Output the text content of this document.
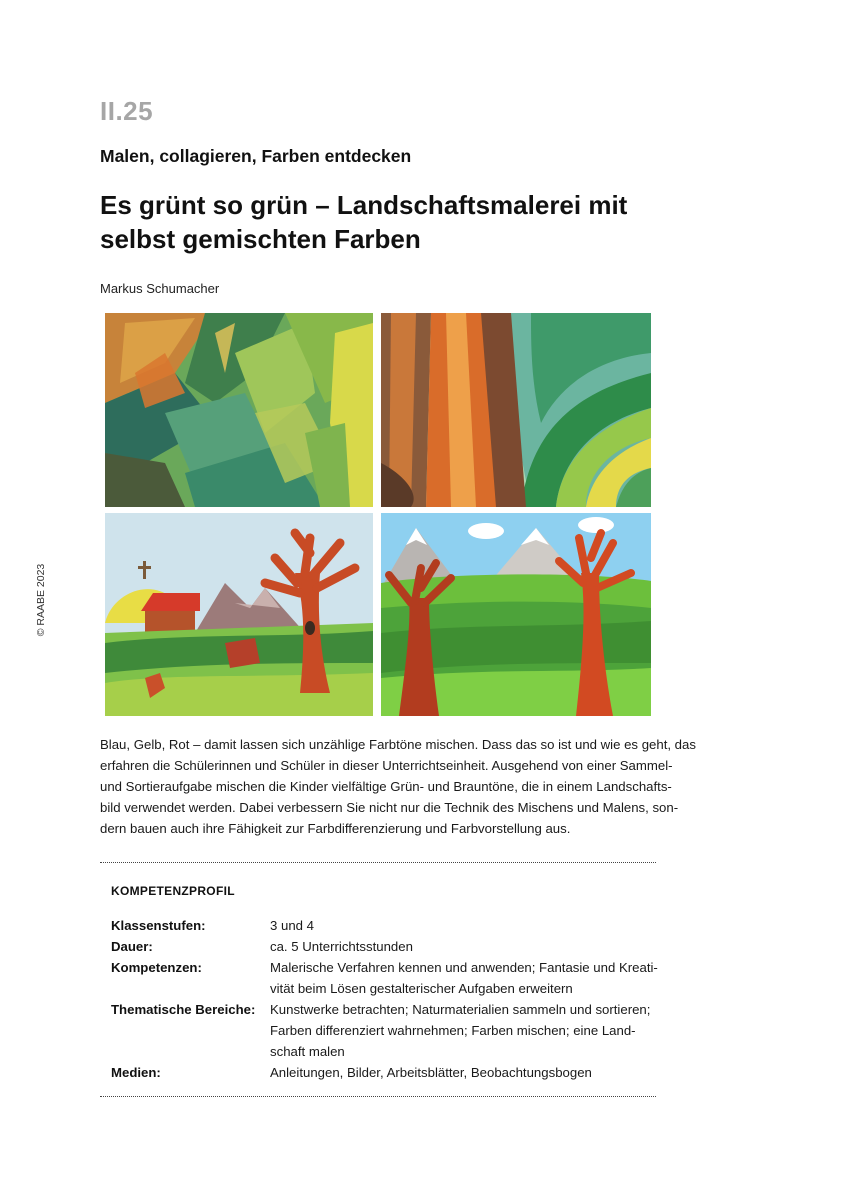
© RAABE 2023
II.25
Malen, collagieren, Farben entdecken
Es grünt so grün – Landschaftsmalerei mit
selbst gemischten Farben
Markus Schumacher

Blau, Gelb, Rot – damit lassen sich unzählige Farbtöne mischen. Dass das so ist und wie es geht, das

erfahren die Schülerinnen und Schüler in dieser Unterrichtseinheit. Ausgehend von einer Sammel-

und Sortieraufgabe mischen die Kinder vielfältige Grün- und Brauntöne, die in einem Landschafts-

bild verwendet werden. Dabei verbessern Sie nicht nur die Technik des Mischens und Malens, son-

dern bauen auch ihre Fähigkeit zur Farbdifferenzierung und Farbvorstellung aus.

KOMPETENZPROFIL
Klassenstufen:	3 und 4
Dauer:	ca. 5 Unterrichtsstunden
Kompetenzen:	Malerische Verfahren kennen und anwenden; Fantasie und Kreati-
vität beim Lösen gestalterischer Aufgaben erweitern
Thematische Bereiche:	Kunstwerke betrachten; Naturmaterialien sammeln und sortieren;
Farben differenziert wahrnehmen; Farben mischen; eine Land-
schaft malen
Medien:	Anleitungen, Bilder, Arbeitsblätter, Beobachtungsbogen
